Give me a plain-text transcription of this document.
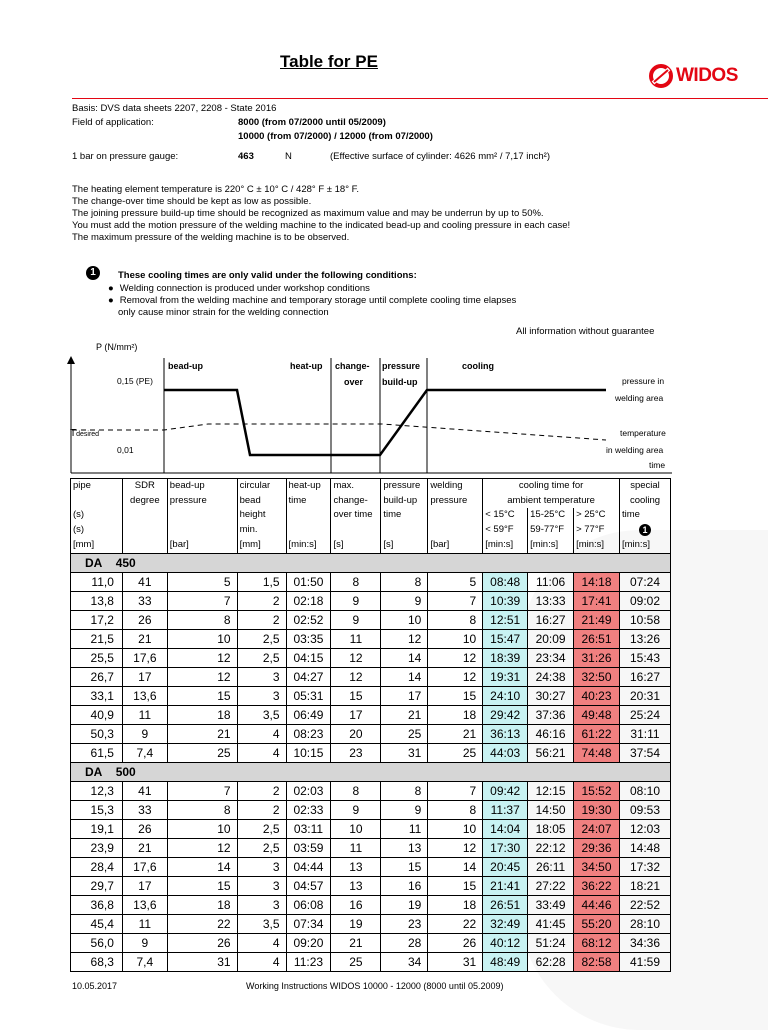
Table for PE
WIDOS
Basis: DVS data sheets 2207, 2208 - State 2016
Field of application:	8000 (from 07/2000 until 05/2009)
10000 (from 07/2000) / 12000 (from 07/2000)
1 bar on pressure gauge:	463	N	(Effective surface of cylinder: 4626 mm² / 7,17 inch²)
The heating element temperature is 220° C ± 10° C / 428° F ± 18° F.
The change-over time should be kept as low as possible.
The joining pressure build-up time should be recognized as maximum value and may be underrun by up to 50%.
You must add the motion pressure of the welding machine to the indicated bead-up and cooling pressure in each case!
The maximum pressure of the welding machine is to be observed.
1	These cooling times are only valid under the following conditions:
● Welding connection is produced under workshop conditions
● Removal from the welding machine and temporary storage until complete cooling time elapses
only cause minor strain for the welding connection
All information without guarantee
P (N/mm²)
bead-up	heat-up change-
over
pressure
build-up
cooling
0,15 (PE)
0,01
Tdesired
pressure in
welding area
temperature
in welding area
time
pipe	SDR	bead-up	circular	heat-up	max.	pressure	welding	cooling time for			special

	degree	pressure	bead	time	change-	build-up	pressure	ambient temperature			cooling

(s)			height		over time	time		< 15°C	15-25°C	> 25°C	time

(s)			min.					< 59°F	59-77°F	> 77°F	1

[mm]		[bar]	[mm]	[min:s]	[s]	[s]	[bar]	[min:s]	[min:s]	[min:s]	[min:s]

DA 450											
11,0	41	5	1,5	01:50	8	8	5	08:48	11:06	14:18	07:24
13,8	33	7	2	02:18	9	9	7	10:39	13:33	17:41	09:02
17,2	26	8	2	02:52	9	10	8	12:51	16:27	21:49	10:58
21,5	21	10	2,5	03:35	11	12	10	15:47	20:09	26:51	13:26
25,5	17,6	12	2,5	04:15	12	14	12	18:39	23:34	31:26	15:43
26,7	17	12	3	04:27	12	14	12	19:31	24:38	32:50	16:27
33,1	13,6	15	3	05:31	15	17	15	24:10	30:27	40:23	20:31
40,9	11	18	3,5	06:49	17	21	18	29:42	37:36	49:48	25:24
50,3	9	21	4	08:23	20	25	21	36:13	46:16	61:22	31:11
61,5	7,4	25	4	10:15	23	31	25	44:03	56:21	74:48	37:54
DA 500											
12,3	41	7	2	02:03	8	8	7	09:42	12:15	15:52	08:10
15,3	33	8	2	02:33	9	9	8	11:37	14:50	19:30	09:53
19,1	26	10	2,5	03:11	10	11	10	14:04	18:05	24:07	12:03
23,9	21	12	2,5	03:59	11	13	12	17:30	22:12	29:36	14:48
28,4	17,6	14	3	04:44	13	15	14	20:45	26:11	34:50	17:32
29,7	17	15	3	04:57	13	16	15	21:41	27:22	36:22	18:21
36,8	13,6	18	3	06:08	16	19	18	26:51	33:49	44:46	22:52
45,4	11	22	3,5	07:34	19	23	22	32:49	41:45	55:20	28:10
56,0	9	26	4	09:20	21	28	26	40:12	51:24	68:12	34:36
68,3	7,4	31	4	11:23	25	34	31	48:49	62:28	82:58	41:59
10.05.2017	Working Instructions WIDOS 10000 - 12000 (8000 until 05.2009)
